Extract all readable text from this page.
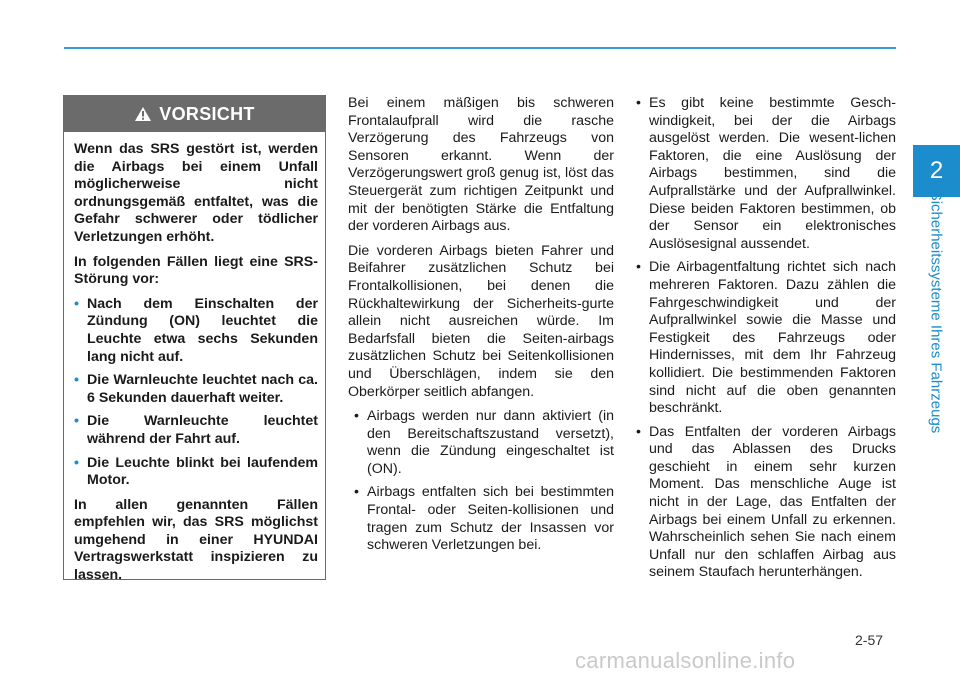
2
Sicherheitssysteme Ihres Fahrzeugs
VORSICHT

Wenn das SRS gestört ist, werden die Airbags bei einem Unfall möglicherweise nicht ordnungsgemäß entfaltet, was die Gefahr schwerer oder tödlicher Verletzungen erhöht.

In folgenden Fällen liegt eine SRS-Störung vor:

• Nach dem Einschalten der Zündung (ON) leuchtet die Leuchte etwa sechs Sekunden lang nicht auf.
• Die Warnleuchte leuchtet nach ca. 6 Sekunden dauerhaft weiter.
• Die Warnleuchte leuchtet während der Fahrt auf.
• Die Leuchte blinkt bei laufendem Motor.

In allen genannten Fällen empfehlen wir, das SRS möglichst umgehend in einer HYUNDAI Vertragswerkstatt inspizieren zu lassen.

Bei einem mäßigen bis schweren Frontalaufprall wird die rasche Verzögerung des Fahrzeugs von Sensoren erkannt. Wenn der Verzögerungswert groß genug ist, löst das Steuergerät zum richtigen Zeitpunkt und mit der benötigten Stärke die Entfaltung der vorderen Airbags aus.

Die vorderen Airbags bieten Fahrer und Beifahrer zusätzlichen Schutz bei Frontalkollisionen, bei denen die Rückhaltewirkung der Sicherheits-gurte allein nicht ausreichen würde. Im Bedarfsfall bieten die Seiten-airbags zusätzlichen Schutz bei Seitenkollisionen und Überschlägen, indem sie den Oberkörper seitlich abfangen.

• Airbags werden nur dann aktiviert (in den Bereitschaftszustand versetzt), wenn die Zündung eingeschaltet ist (ON).
• Airbags entfalten sich bei bestimmten Frontal- oder Seiten-kollisionen und tragen zum Schutz der Insassen vor schweren Verletzungen bei.
• Es gibt keine bestimmte Gesch-windigkeit, bei der die Airbags ausgelöst werden. Die wesent-lichen Faktoren, die eine Auslösung der Airbags bestimmen, sind die Aufprallstärke und der Aufprallwinkel. Diese beiden Faktoren bestimmen, ob der Sensor ein elektronisches Auslösesignal aussendet.
• Die Airbagentfaltung richtet sich nach mehreren Faktoren. Dazu zählen die Fahrgeschwindigkeit und der Aufprallwinkel sowie die Masse und Festigkeit des Fahrzeugs oder Hindernisses, mit dem Ihr Fahrzeug kollidiert. Die bestimmenden Faktoren sind nicht auf die oben genannten beschränkt.
• Das Entfalten der vorderen Airbags und das Ablassen des Drucks geschieht in einem sehr kurzen Moment. Das menschliche Auge ist nicht in der Lage, das Entfalten der Airbags bei einem Unfall zu erkennen. Wahrscheinlich sehen Sie nach einem Unfall nur den schlaffen Airbag aus seinem Staufach herunterhängen.
2-57
carmanualsonline.info
